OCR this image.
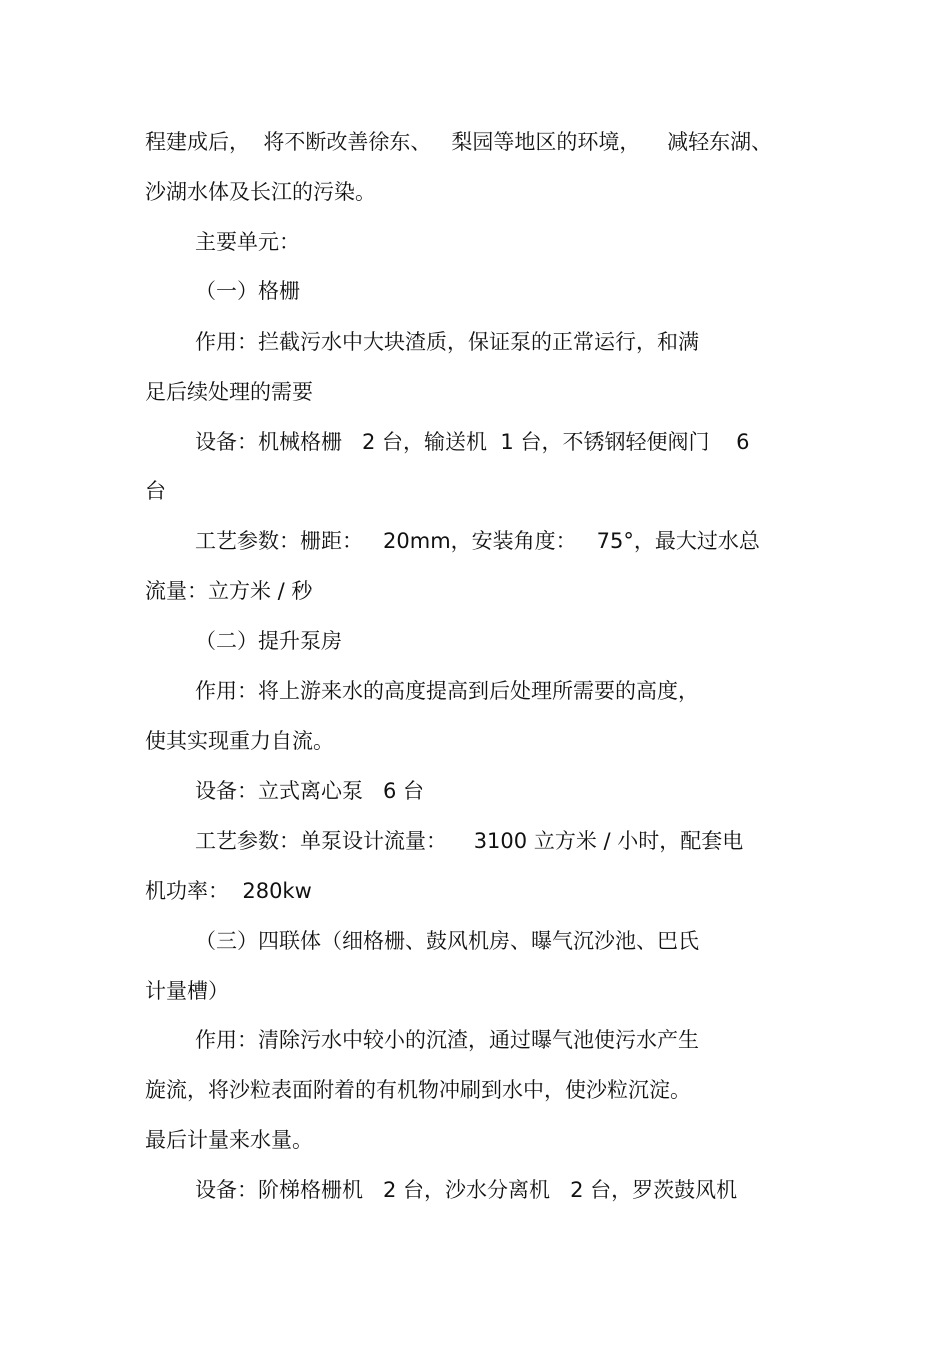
程建成后，  将不断改善徐东、   梨园等地区的环境，    减轻东湖、
沙湖水体及长江的污染。
主要单元：
（一）格栅
作用：拦截污水中大块渣质，保证泵的正常运行，和满
足后续处理的需要
设备：机械格栅   2 台，输送机  1 台，不锈钢轻便阀门    6
台
工艺参数：栅距：   20mm，安装角度：   75°，最大过水总
流量：立方米 / 秒
（二）提升泵房
作用：将上游来水的高度提高到后处理所需要的高度，
使其实现重力自流。
设备：立式离心泵   6 台
工艺参数：单泵设计流量：    3100 立方米 / 小时，配套电
机功率：  280kw
（三）四联体（细格栅、鼓风机房、曝气沉沙池、巴氏
计量槽）
作用：清除污水中较小的沉渣，通过曝气池使污水产生
旋流，将沙粒表面附着的有机物冲刷到水中，使沙粒沉淀。
最后计量来水量。
设备：阶梯格栅机   2 台，沙水分离机   2 台，罗茨鼓风机
